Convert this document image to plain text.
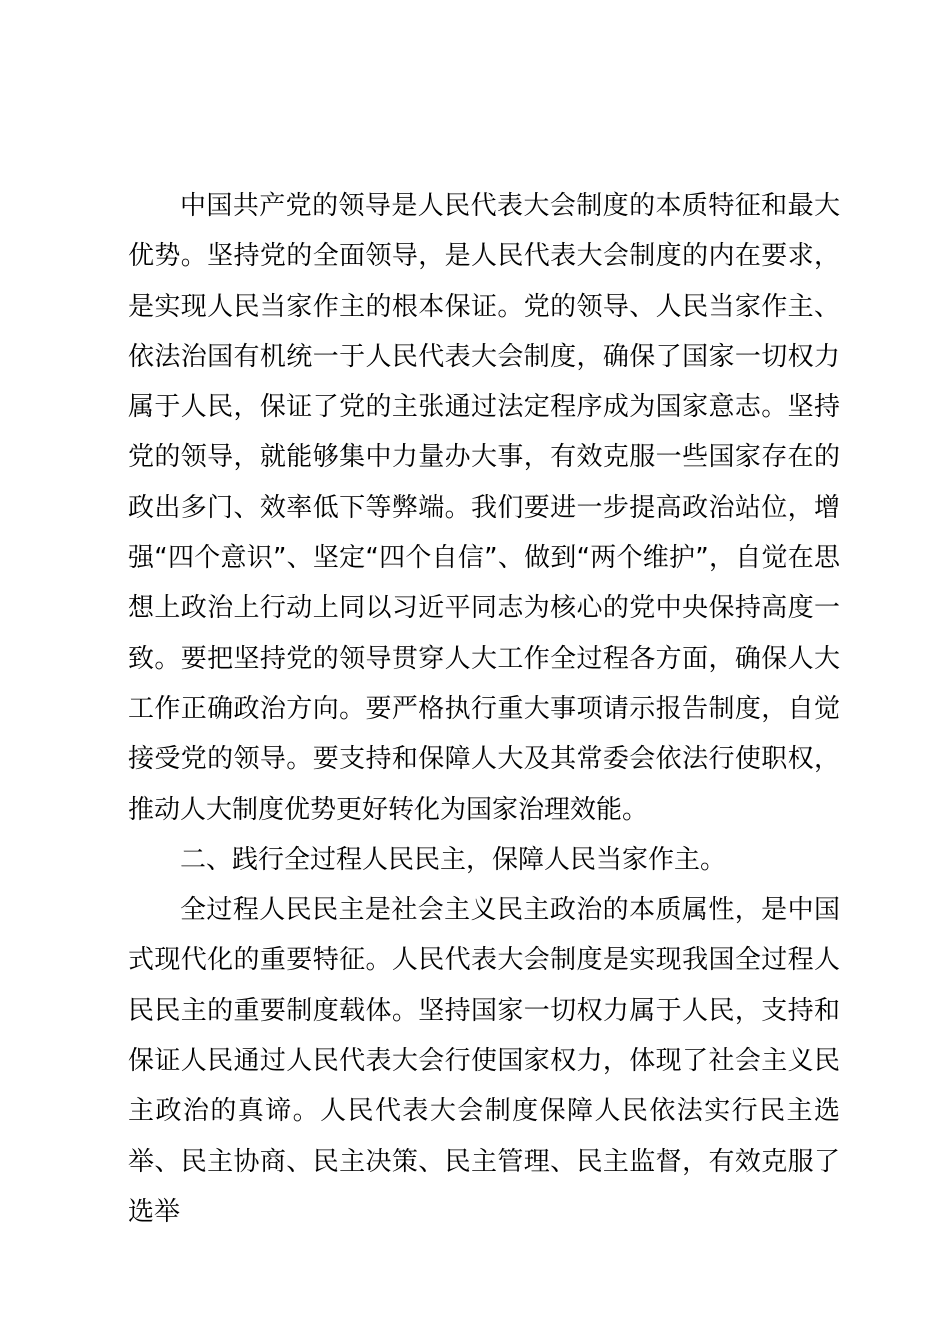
中国共产党的领导是人民代表大会制度的本质特征和最大优势。坚持党的全面领导，是人民代表大会制度的内在要求，是实现人民当家作主的根本保证。党的领导、人民当家作主、依法治国有机统一于人民代表大会制度，确保了国家一切权力属于人民，保证了党的主张通过法定程序成为国家意志。坚持党的领导，就能够集中力量办大事，有效克服一些国家存在的政出多门、效率低下等弊端。我们要进一步提高政治站位，增强“四个意识”、坚定“四个自信”、做到“两个维护”，自觉在思想上政治上行动上同以习近平同志为核心的党中央保持高度一致。要把坚持党的领导贯穿人大工作全过程各方面，确保人大工作正确政治方向。要严格执行重大事项请示报告制度，自觉接受党的领导。要支持和保障人大及其常委会依法行使职权，推动人大制度优势更好转化为国家治理效能。

二、践行全过程人民民主，保障人民当家作主。

全过程人民民主是社会主义民主政治的本质属性，是中国式现代化的重要特征。人民代表大会制度是实现我国全过程人民民主的重要制度载体。坚持国家一切权力属于人民，支持和保证人民通过人民代表大会行使国家权力，体现了社会主义民主政治的真谛。人民代表大会制度保障人民依法实行民主选举、民主协商、民主决策、民主管理、民主监督，有效克服了选举
